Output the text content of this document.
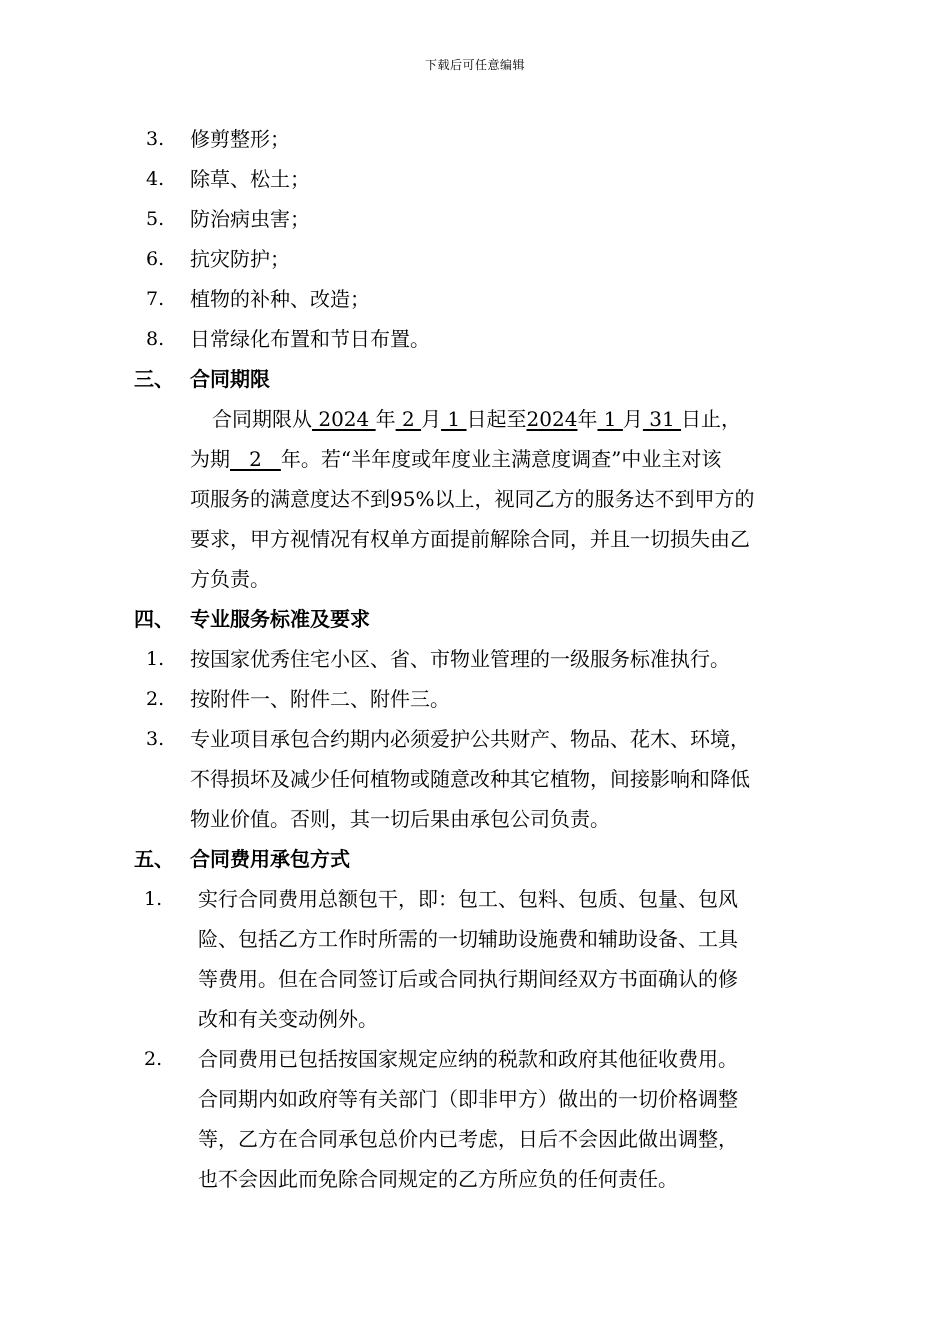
下载后可任意编辑
3. 修剪整形；
4. 除草、松土；
5. 防治病虫害；
6. 抗灾防护；
7. 植物的补种、改造；
8. 日常绿化布置和节日布置。
三、 合同期限
合同期限从 2024 年 2 月 1 日起至2024年 1 月 31 日止，
为期   2   年。若“半年度或年度业主满意度调查”中业主对该
项服务的满意度达不到95%以上，视同乙方的服务达不到甲方的
要求，甲方视情况有权单方面提前解除合同，并且一切损失由乙
方负责。
四、 专业服务标准及要求
1. 按国家优秀住宅小区、省、市物业管理的一级服务标准执行。
2. 按附件一、附件二、附件三。
3. 专业项目承包合约期内必须爱护公共财产、物品、花木、环境，
不得损坏及减少任何植物或随意改种其它植物，间接影响和降低
物业价值。否则，其一切后果由承包公司负责。
五、 合同费用承包方式
1. 实行合同费用总额包干，即：包工、包料、包质、包量、包风
险、包括乙方工作时所需的一切辅助设施费和辅助设备、工具
等费用。但在合同签订后或合同执行期间经双方书面确认的修
改和有关变动例外。
2. 合同费用已包括按国家规定应纳的税款和政府其他征收费用。
合同期内如政府等有关部门（即非甲方）做出的一切价格调整
等，乙方在合同承包总价内已考虑，日后不会因此做出调整，
也不会因此而免除合同规定的乙方所应负的任何责任。
